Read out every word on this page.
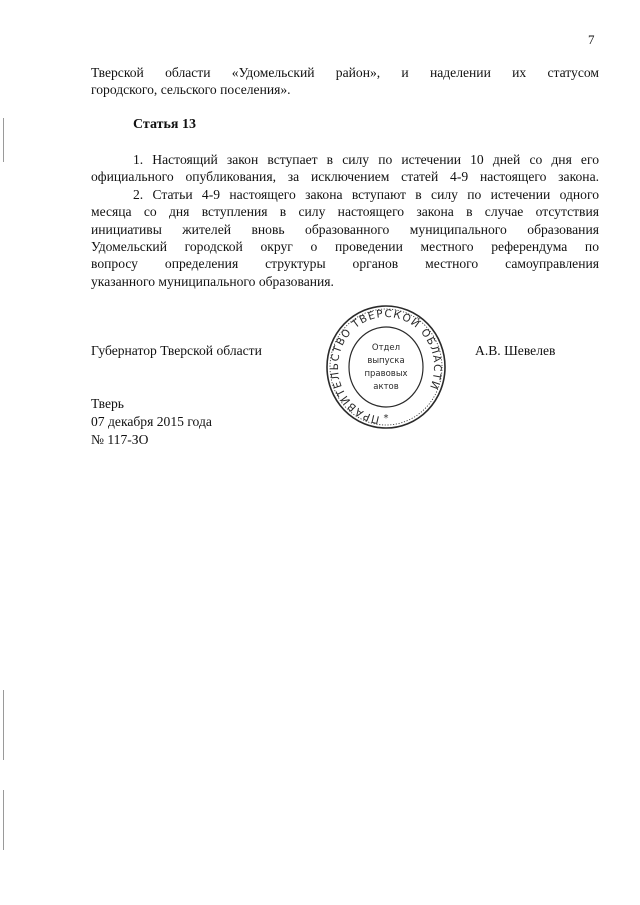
7
Тверской области «Удомельский район», и наделении их статусом
городского, сельского поселения».
Статья 13
1. Настоящий закон вступает в силу по истечении 10 дней со дня его
официального опубликования, за исключением статей 4-9 настоящего закона.
2. Статьи 4-9 настоящего закона вступают в силу по истечении одного
месяца со дня вступления в силу настоящего закона в случае отсутствия
инициативы жителей вновь образованного муниципального образования
Удомельский городской округ о проведении местного референдума по
вопросу определения структуры органов местного самоуправления
указанного муниципального образования.
Губернатор Тверской области	А.В. Шевелев
ПРАВИТЕЛЬСТВО ТВЕРСКОЙ ОБЛАСТИ
Отдел
выпуска
правовых
актов
*
Тверь
07 декабря 2015 года
№ 117-ЗО
